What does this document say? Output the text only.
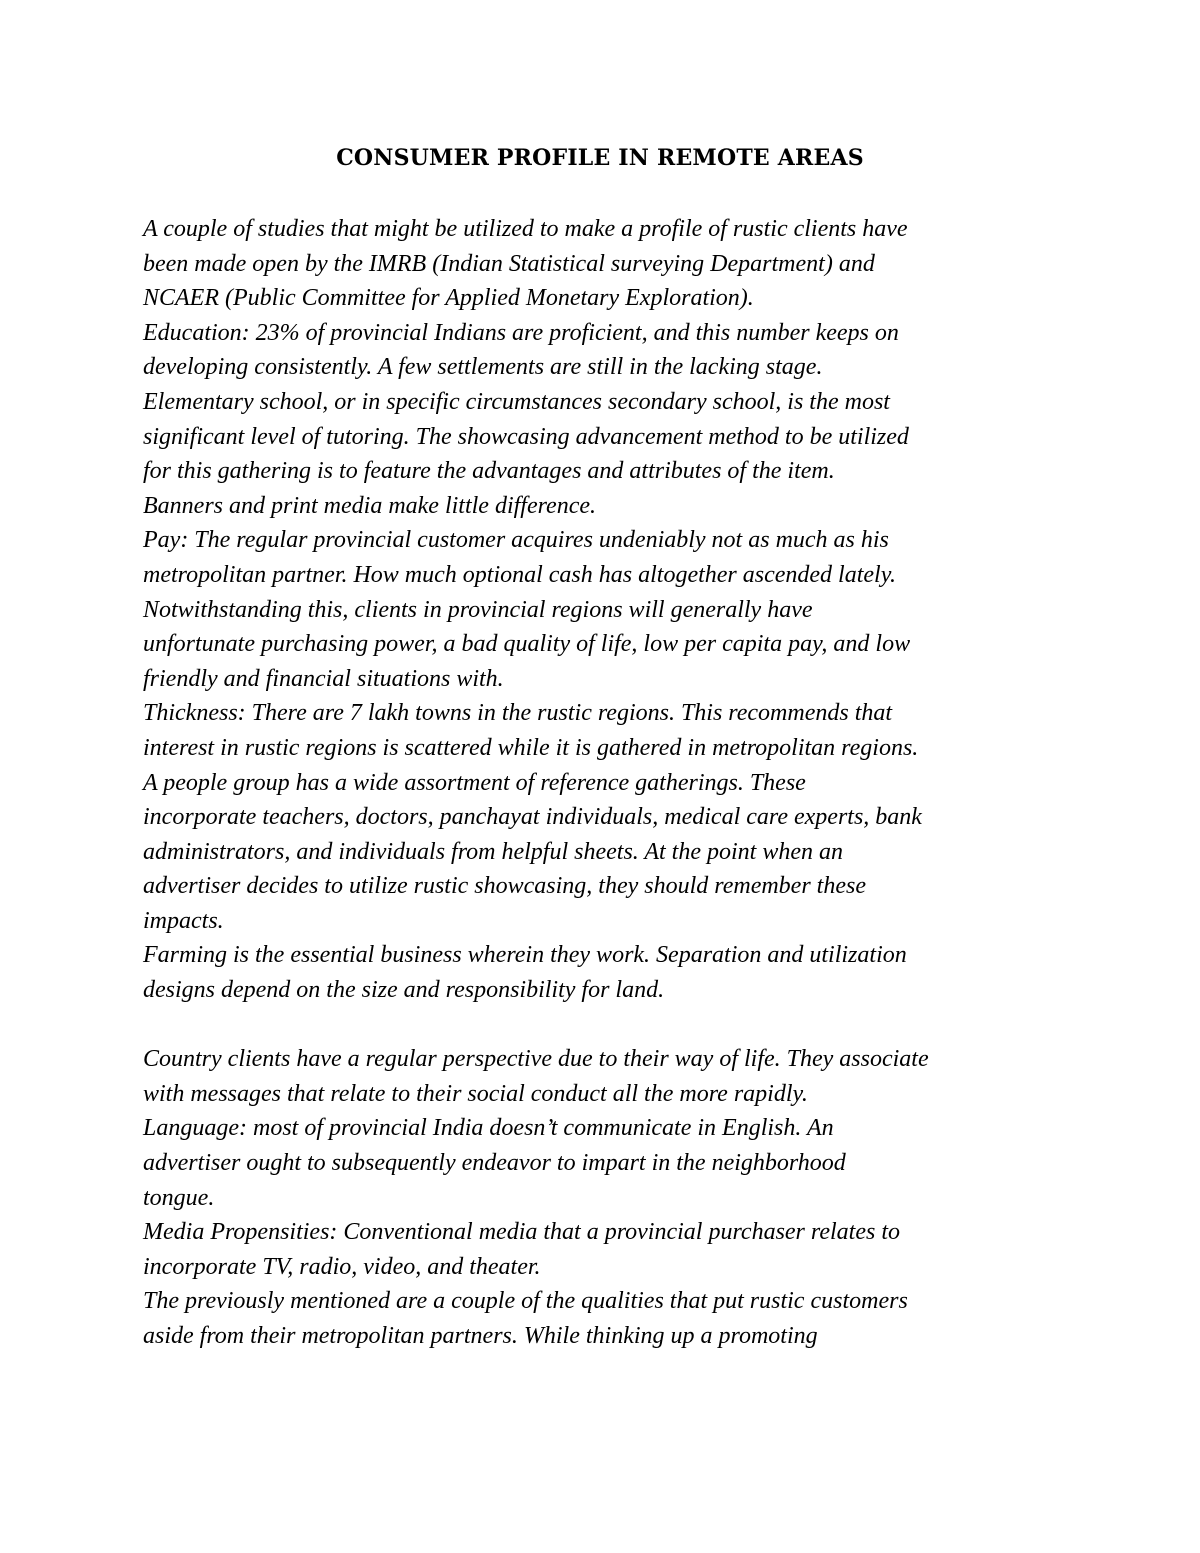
CONSUMER PROFILE IN REMOTE AREAS
A couple of studies that might be utilized to make a profile of rustic clients have
been made open by the IMRB (Indian Statistical surveying Department) and
NCAER (Public Committee for Applied Monetary Exploration).
Education: 23% of provincial Indians are proficient, and this number keeps on
developing consistently. A few settlements are still in the lacking stage.
Elementary school, or in specific circumstances secondary school, is the most
significant level of tutoring. The showcasing advancement method to be utilized
for this gathering is to feature the advantages and attributes of the item.
Banners and print media make little difference.
Pay: The regular provincial customer acquires undeniably not as much as his
metropolitan partner. How much optional cash has altogether ascended lately.
Notwithstanding this, clients in provincial regions will generally have
unfortunate purchasing power, a bad quality of life, low per capita pay, and low
friendly and financial situations with.
Thickness: There are 7 lakh towns in the rustic regions. This recommends that
interest in rustic regions is scattered while it is gathered in metropolitan regions.
A people group has a wide assortment of reference gatherings. These
incorporate teachers, doctors, panchayat individuals, medical care experts, bank
administrators, and individuals from helpful sheets. At the point when an
advertiser decides to utilize rustic showcasing, they should remember these
impacts.
Farming is the essential business wherein they work. Separation and utilization
designs depend on the size and responsibility for land.
Country clients have a regular perspective due to their way of life. They associate
with messages that relate to their social conduct all the more rapidly.
Language: most of provincial India doesn’t communicate in English. An
advertiser ought to subsequently endeavor to impart in the neighborhood
tongue.
Media Propensities: Conventional media that a provincial purchaser relates to
incorporate TV, radio, video, and theater.
The previously mentioned are a couple of the qualities that put rustic customers
aside from their metropolitan partners. While thinking up a promoting
